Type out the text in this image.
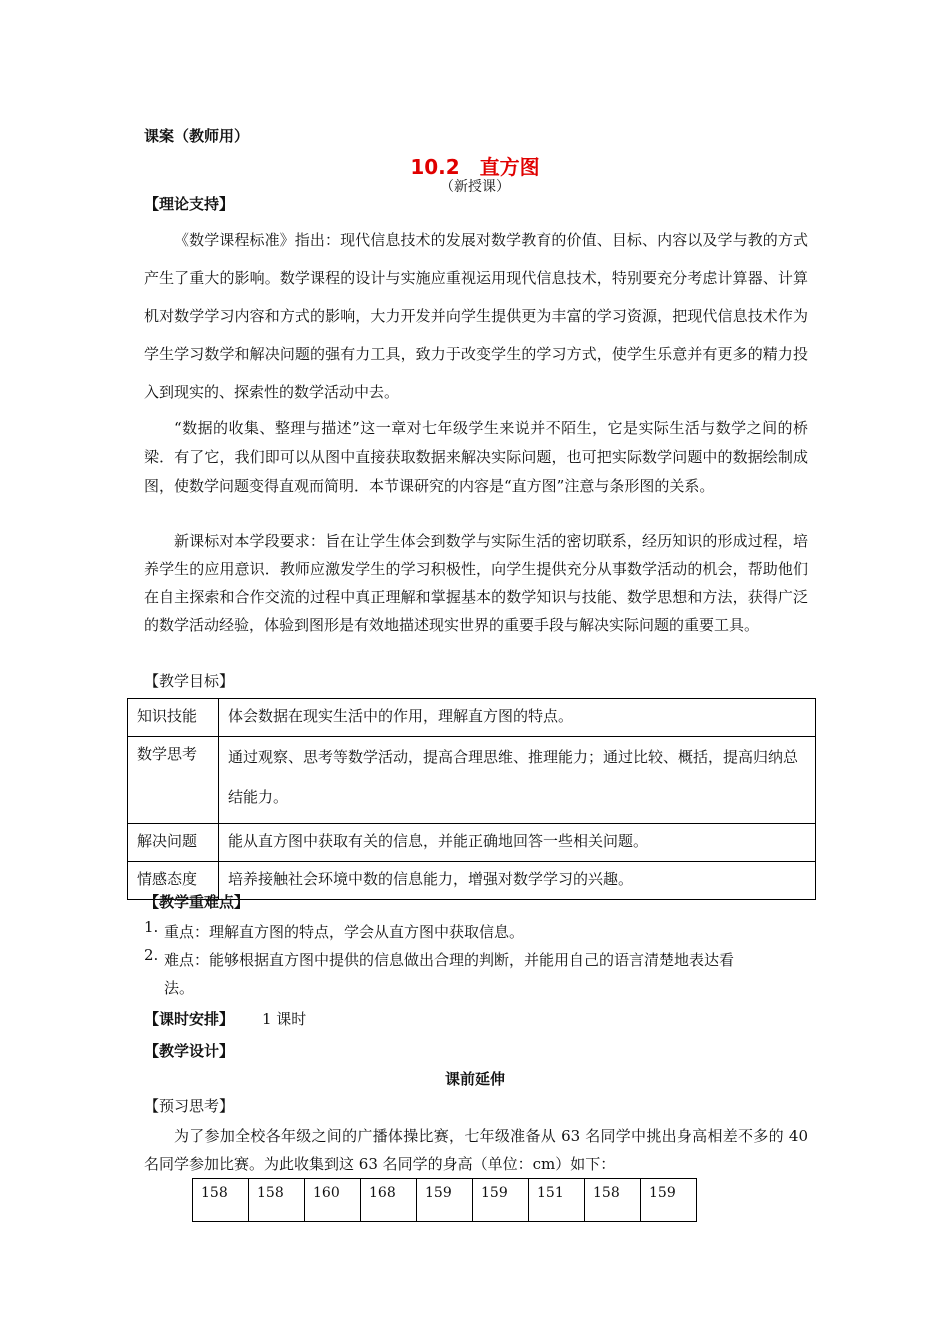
课案（教师用）
10.2　直方图
（新授课）
【理论支持】
《数学课程标准》指出：现代信息技术的发展对数学教育的价值、目标、内容以及学与教的方式产生了重大的影响。数学课程的设计与实施应重视运用现代信息技术，特别要充分考虑计算器、计算机对数学学习内容和方式的影响，大力开发并向学生提供更为丰富的学习资源，把现代信息技术作为学生学习数学和解决问题的强有力工具，致力于改变学生的学习方式，使学生乐意并有更多的精力投入到现实的、探索性的数学活动中去。
“数据的收集、整理与描述”这一章对七年级学生来说并不陌生，它是实际生活与数学之间的桥梁．有了它，我们即可以从图中直接获取数据来解决实际问题，也可把实际数学问题中的数据绘制成图，使数学问题变得直观而简明．本节课研究的内容是“直方图”注意与条形图的关系。
新课标对本学段要求：旨在让学生体会到数学与实际生活的密切联系，经历知识的形成过程，培养学生的应用意识．教师应激发学生的学习积极性，向学生提供充分从事数学活动的机会，帮助他们在自主探索和合作交流的过程中真正理解和掌握基本的数学知识与技能、数学思想和方法，获得广泛的数学活动经验，体验到图形是有效地描述现实世界的重要手段与解决实际问题的重要工具。
【教学目标】
知识技能	体会数据在现实生活中的作用，理解直方图的特点。
数学思考	通过观察、思考等数学活动，提高合理思维、推理能力；通过比较、概括，提高归纳总结能力。
解决问题	能从直方图中获取有关的信息，并能正确地回答一些相关问题。
情感态度	培养接触社会环境中数的信息能力，增强对数学学习的兴趣。
【教学重难点】
1. 重点：理解直方图的特点，学会从直方图中获取信息。
2. 难点：能够根据直方图中提供的信息做出合理的判断，并能用自己的语言清楚地表达看法。
【课时安排】 1 课时
【教学设计】
课前延伸
【预习思考】
为了参加全校各年级之间的广播体操比赛，七年级准备从 63 名同学中挑出身高相差不多的 40 名同学参加比赛。为此收集到这 63 名同学的身高（单位：cm）如下：
158	158	160	168	159	159	151	158	159
